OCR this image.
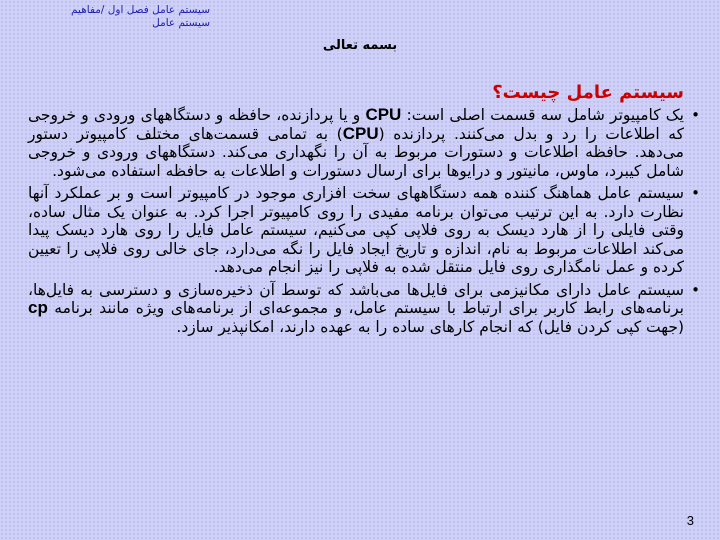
سیستم عامل فصل اول /مفاهیم
سیستم عامل
بسمه تعالی
سیستم عامل چیست؟

•
یک کامپیوتر شامل سه قسمت اصلی است: CPU و یا پردازنده، حافظه و دستگاههای ورودی و خروجی که اطلاعات را رد و بدل می‌کنند. پردازنده (CPU) به تمامی قسمت‌های مختلف کامپیوتر دستور می‌دهد. حافظه اطلاعات و دستورات مربوط به آن را نگهداری می‌کند. دستگاههای ورودی و خروجی شامل کیبرد، ماوس، مانیتور و درایوها برای ارسال دستورات و اطلاعات به حافظه استفاده می‌شود.

•
سیستم عامل هماهنگ کننده همه دستگاههای سخت افزاری موجود در کامپیوتر است و بر عملکرد آنها نظارت دارد. به این ترتیب می‌توان برنامه مفیدی را روی کامپیوتر اجرا کرد. به عنوان یک مثال ساده، وقتی فایلی را از هارد دیسک به روی فلاپی کپی می‌کنیم، سیستم عامل فایل را روی هارد دیسک پیدا می‌کند اطلاعات مربوط به نام، اندازه و تاریخ ایجاد فایل را نگه می‌دارد، جای خالی روی فلاپی را تعیین کرده و عمل نامگذاری روی فایل منتقل شده به فلاپی را نیز انجام می‌دهد.

•
سیستم عامل دارای مکانیزمی برای فایل‌ها می‌باشد که توسط آن ذخیره‌سازی و دسترسی به فایل‌ها، برنامه‌های رابط کاربر برای ارتباط با سیستم عامل، و مجموعه‌ای از برنامه‌های ویژه مانند برنامه cp (جهت کپی کردن فایل) که انجام کارهای ساده را به عهده دارند، امکانپذیر سازد.

3
